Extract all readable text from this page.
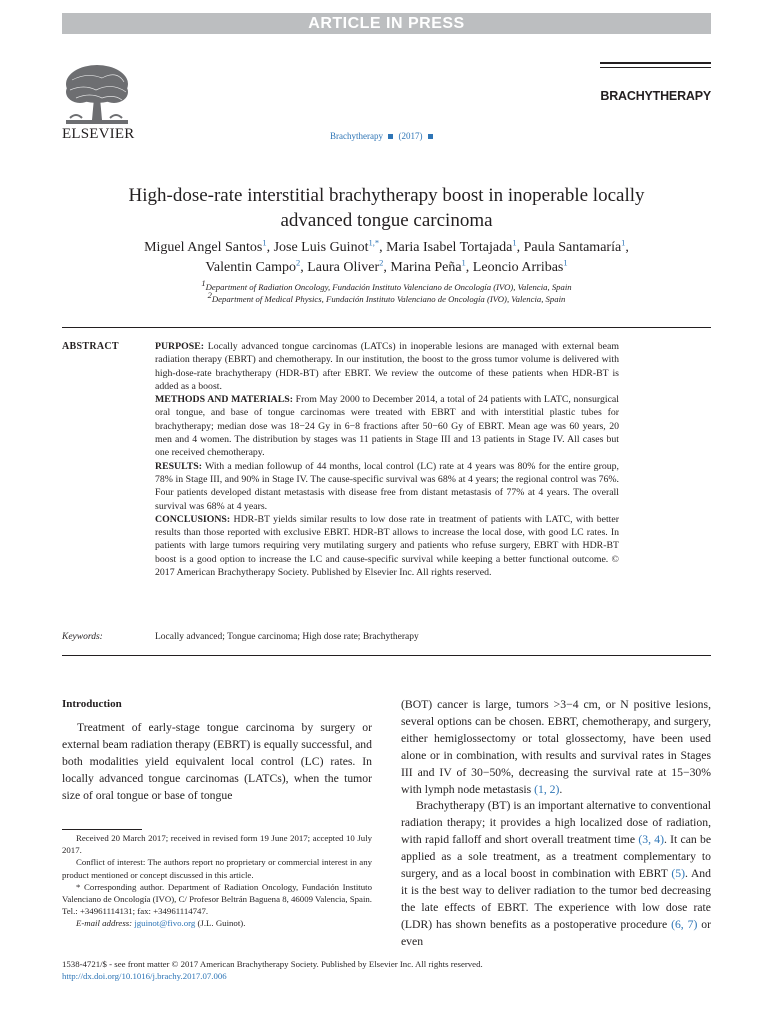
ARTICLE IN PRESS
ELSEVIER	Brachytherapy (2017)
BRACHYTHERAPY
High-dose-rate interstitial brachytherapy boost in inoperable locally
advanced tongue carcinoma
Miguel Angel Santos$^1$, Jose Luis Guinot$^{1,*}$, Maria Isabel Tortajada$^1$, Paula Santamaría$^1$,
Valentin Campo$^2$, Laura Oliver$^2$, Marina Peña$^1$, Leoncio Arribas$^1$
$^1$Department of Radiation Oncology, Fundación Instituto Valenciano de Oncología (IVO), Valencia, Spain
$^2$Department of Medical Physics, Fundación Instituto Valenciano de Oncología (IVO), Valencia, Spain
ABSTRACT	PURPOSE: Locally advanced tongue carcinomas (LATCs) in inoperable lesions are managed with external beam radiation therapy (EBRT) and chemotherapy. In our institution, the boost to the gross tumor volume is delivered with high-dose-rate brachytherapy (HDR-BT) after EBRT. We review the outcome of these patients when HDR-BT is added as a boost.

METHODS AND MATERIALS: From May 2000 to December 2014, a total of 24 patients with LATC, nonsurgical oral tongue, and base of tongue carcinomas were treated with EBRT and with interstitial plastic tubes for brachytherapy; median dose was 18−24 Gy in 6−8 fractions after 50−60 Gy of EBRT. Mean age was 60 years, 20 men and 4 women. The distribution by stages was 11 patients in Stage III and 13 patients in Stage IV. All cases but one received chemotherapy.

RESULTS: With a median followup of 44 months, local control (LC) rate at 4 years was 80% for the entire group, 78% in Stage III, and 90% in Stage IV. The cause-specific survival was 68% at 4 years; the regional control was 76%. Four patients developed distant metastasis with disease free from distant metastasis of 77% at 4 years. The overall survival was 68% at 4 years.

CONCLUSIONS: HDR-BT yields similar results to low dose rate in treatment of patients with LATC, with better results than those reported with exclusive EBRT. HDR-BT allows to increase the local dose, with good LC rates. In patients with large tumors requiring very mutilating surgery and patients who refuse surgery, EBRT with HDR-BT boost is a good option to increase the LC and cause-specific survival while keeping a better functional outcome. © 2017 American Brachytherapy Society. Published by Elsevier Inc. All rights reserved.

Keywords:	Locally advanced; Tongue carcinoma; High dose rate; Brachytherapy
Introduction

Treatment of early-stage tongue carcinoma by surgery or external beam radiation therapy (EBRT) is equally successful, and both modalities yield equivalent local control (LC) rates. In locally advanced tongue carcinomas (LATCs), when the tumor size of oral tongue or base of tongue

Received 20 March 2017; received in revised form 19 June 2017; accepted 10 July 2017.

Conflict of interest: The authors report no proprietary or commercial interest in any product mentioned or concept discussed in this article.

* Corresponding author. Department of Radiation Oncology, Fundación Instituto Valenciano de Oncología (IVO), C/ Profesor Beltrán Baguena 8, 46009 Valencia, Spain. Tel.: +34961114131; fax: +34961114747.

E-mail address: jguinot@fivo.org (J.L. Guinot).

(BOT) cancer is large, tumors >3−4 cm, or N positive lesions, several options can be chosen. EBRT, chemotherapy, and surgery, either hemiglossectomy or total glossectomy, have been used alone or in combination, with results and survival rates in Stages III and IV of 30−50%, decreasing the survival rate at 15−30% with lymph node metastasis (1, 2).

Brachytherapy (BT) is an important alternative to conventional radiation therapy; it provides a high localized dose of radiation, with rapid falloff and short overall treatment time (3, 4). It can be applied as a sole treatment, as a treatment complementary to surgery, and as a local boost in combination with EBRT (5). And it is the best way to deliver radiation to the tumor bed decreasing the late effects of EBRT. The experience with low dose rate (LDR) has shown benefits as a postoperative procedure (6, 7) or even

1538-4721/$ - see front matter © 2017 American Brachytherapy Society. Published by Elsevier Inc. All rights reserved.
http://dx.doi.org/10.1016/j.brachy.2017.07.006
